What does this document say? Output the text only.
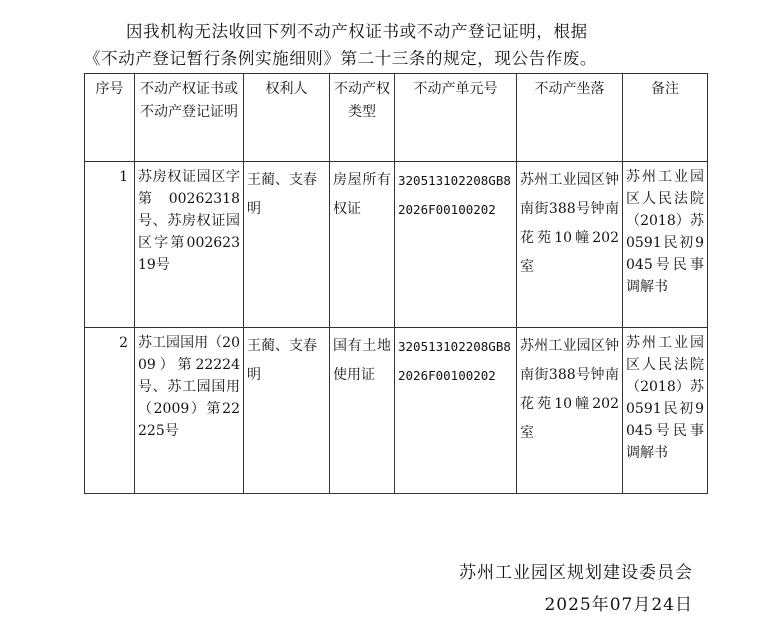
因我机构无法收回下列不动产权证书或不动产登记证明，根据

《不动产登记暂行条例实施细则》第二十三条的规定，现公告作废。

序号	不动产权证书或不动产登记证明	权利人	不动产权类型	不动产单元号	不动产坐落	备注
1	苏房权证园区字第00262318号、苏房权证园区字第00262319号	王蔺、支春明	房屋所有权证	320513102208GB82026F00100202	苏州工业园区钟南街388号钟南花苑10幢202室	苏州工业园区人民法院（2018）苏0591民初9045号民事调解书
2	苏工园国用（2009）第22224号、苏工园国用（2009）第22225号	王蔺、支春明	国有土地使用证	320513102208GB82026F00100202	苏州工业园区钟南街388号钟南花苑10幢202室	苏州工业园区人民法院（2018）苏0591民初9045号民事调解书
苏州工业园区规划建设委员会
2025年07月24日
